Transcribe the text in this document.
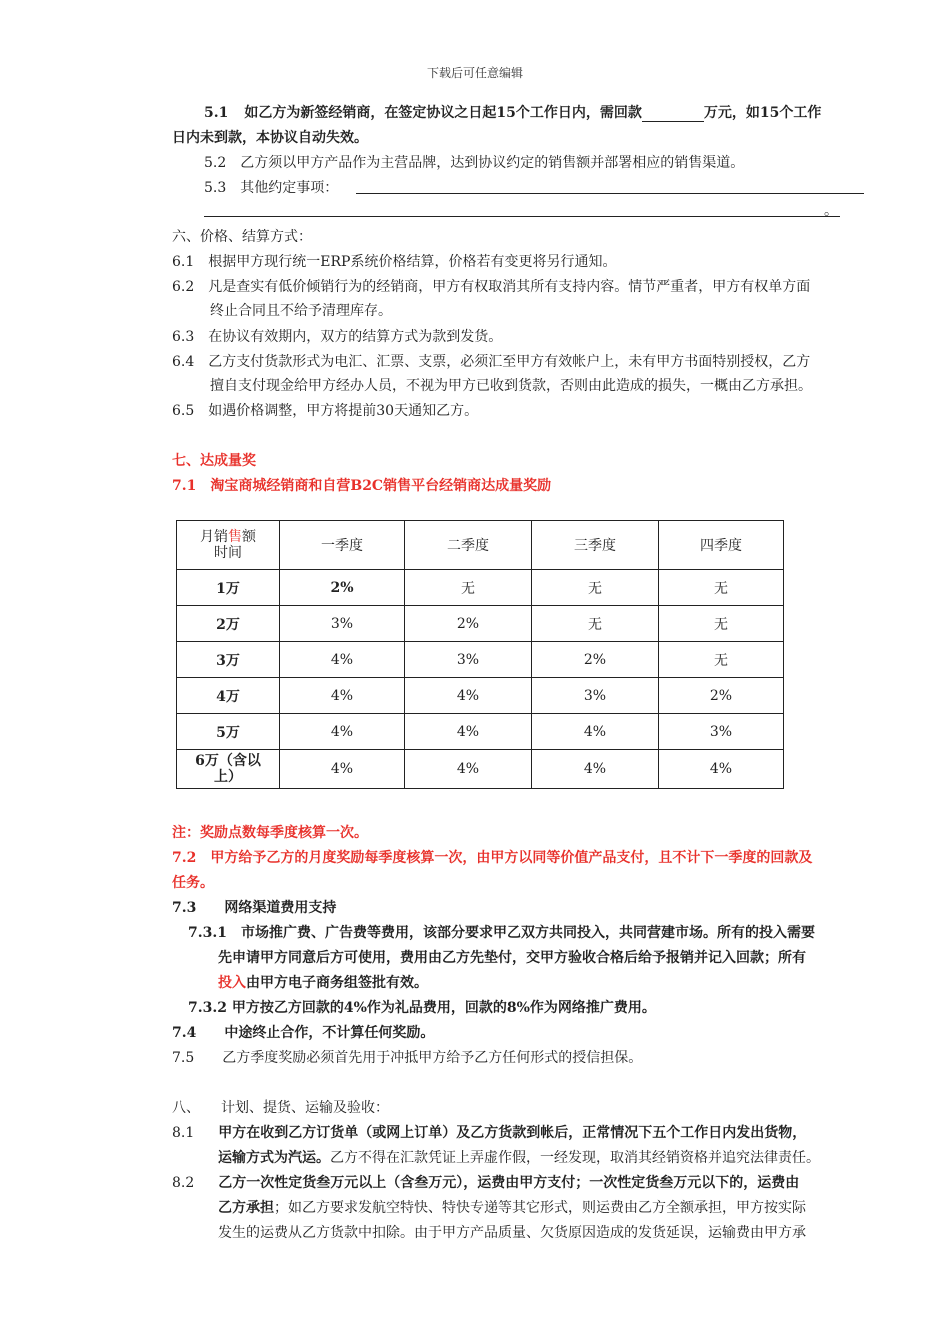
下载后可任意编辑
5.1 如乙方为新签经销商，在签定协议之日起15个工作日内，需回款	万元，如15个工作
日内未到款，本协议自动失效。
5.2　乙方须以甲方产品作为主营品牌，达到协议约定的销售额并部署相应的销售渠道。
5.3　其他约定事项：
。
六、价格、结算方式：
6.1　根据甲方现行统一ERP系统价格结算，价格若有变更将另行通知。
6.2　凡是查实有低价倾销行为的经销商，甲方有权取消其所有支持内容。情节严重者，甲方有权单方面
终止合同且不给予清理库存。
6.3　在协议有效期内，双方的结算方式为款到发货。
6.4　乙方支付货款形式为电汇、汇票、支票，必须汇至甲方有效帐户上，未有甲方书面特别授权，乙方
擅自支付现金给甲方经办人员，不视为甲方已收到货款，否则由此造成的损失，一概由乙方承担。
6.5　如遇价格调整，甲方将提前30天通知乙方。
七、达成量奖
7.1　淘宝商城经销商和自营B2C销售平台经销商达成量奖励
月销售额
时间	一季度	二季度	三季度	四季度
1万	2%	无	无	无
2万	3%	2%	无	无
3万	4%	3%	2%	无
4万	4%	4%	3%	2%
5万	4%	4%	4%	3%
6万（含以上）	4%	4%	4%	4%
注：奖励点数每季度核算一次。
7.2　甲方给予乙方的月度奖励每季度核算一次，由甲方以同等价值产品支付，且不计下一季度的回款及
任务。
7.3　　网络渠道费用支持
7.3.1　市场推广费、广告费等费用，该部分要求甲乙双方共同投入，共同营建市场。所有的投入需要
先申请甲方同意后方可使用，费用由乙方先垫付，交甲方验收合格后给予报销并记入回款；所有
投入由甲方电子商务组签批有效。
7.3.2 甲方按乙方回款的4%作为礼品费用，回款的8%作为网络推广费用。
7.4　　中途终止合作，不计算任何奖励。
7.5　　乙方季度奖励必须首先用于冲抵甲方给予乙方任何形式的授信担保。
八、　　计划、提货、运输及验收：
8.1 甲方在收到乙方订货单（或网上订单）及乙方货款到帐后，正常情况下五个工作日内发出货物，
运输方式为汽运。乙方不得在汇款凭证上弄虚作假，一经发现，取消其经销资格并追究法律责任。
8.2 乙方一次性定货叁万元以上（含叁万元），运费由甲方支付；一次性定货叁万元以下的，运费由
乙方承担；如乙方要求发航空特快、特快专递等其它形式，则运费由乙方全额承担，甲方按实际
发生的运费从乙方货款中扣除。由于甲方产品质量、欠货原因造成的发货延误，运输费由甲方承
